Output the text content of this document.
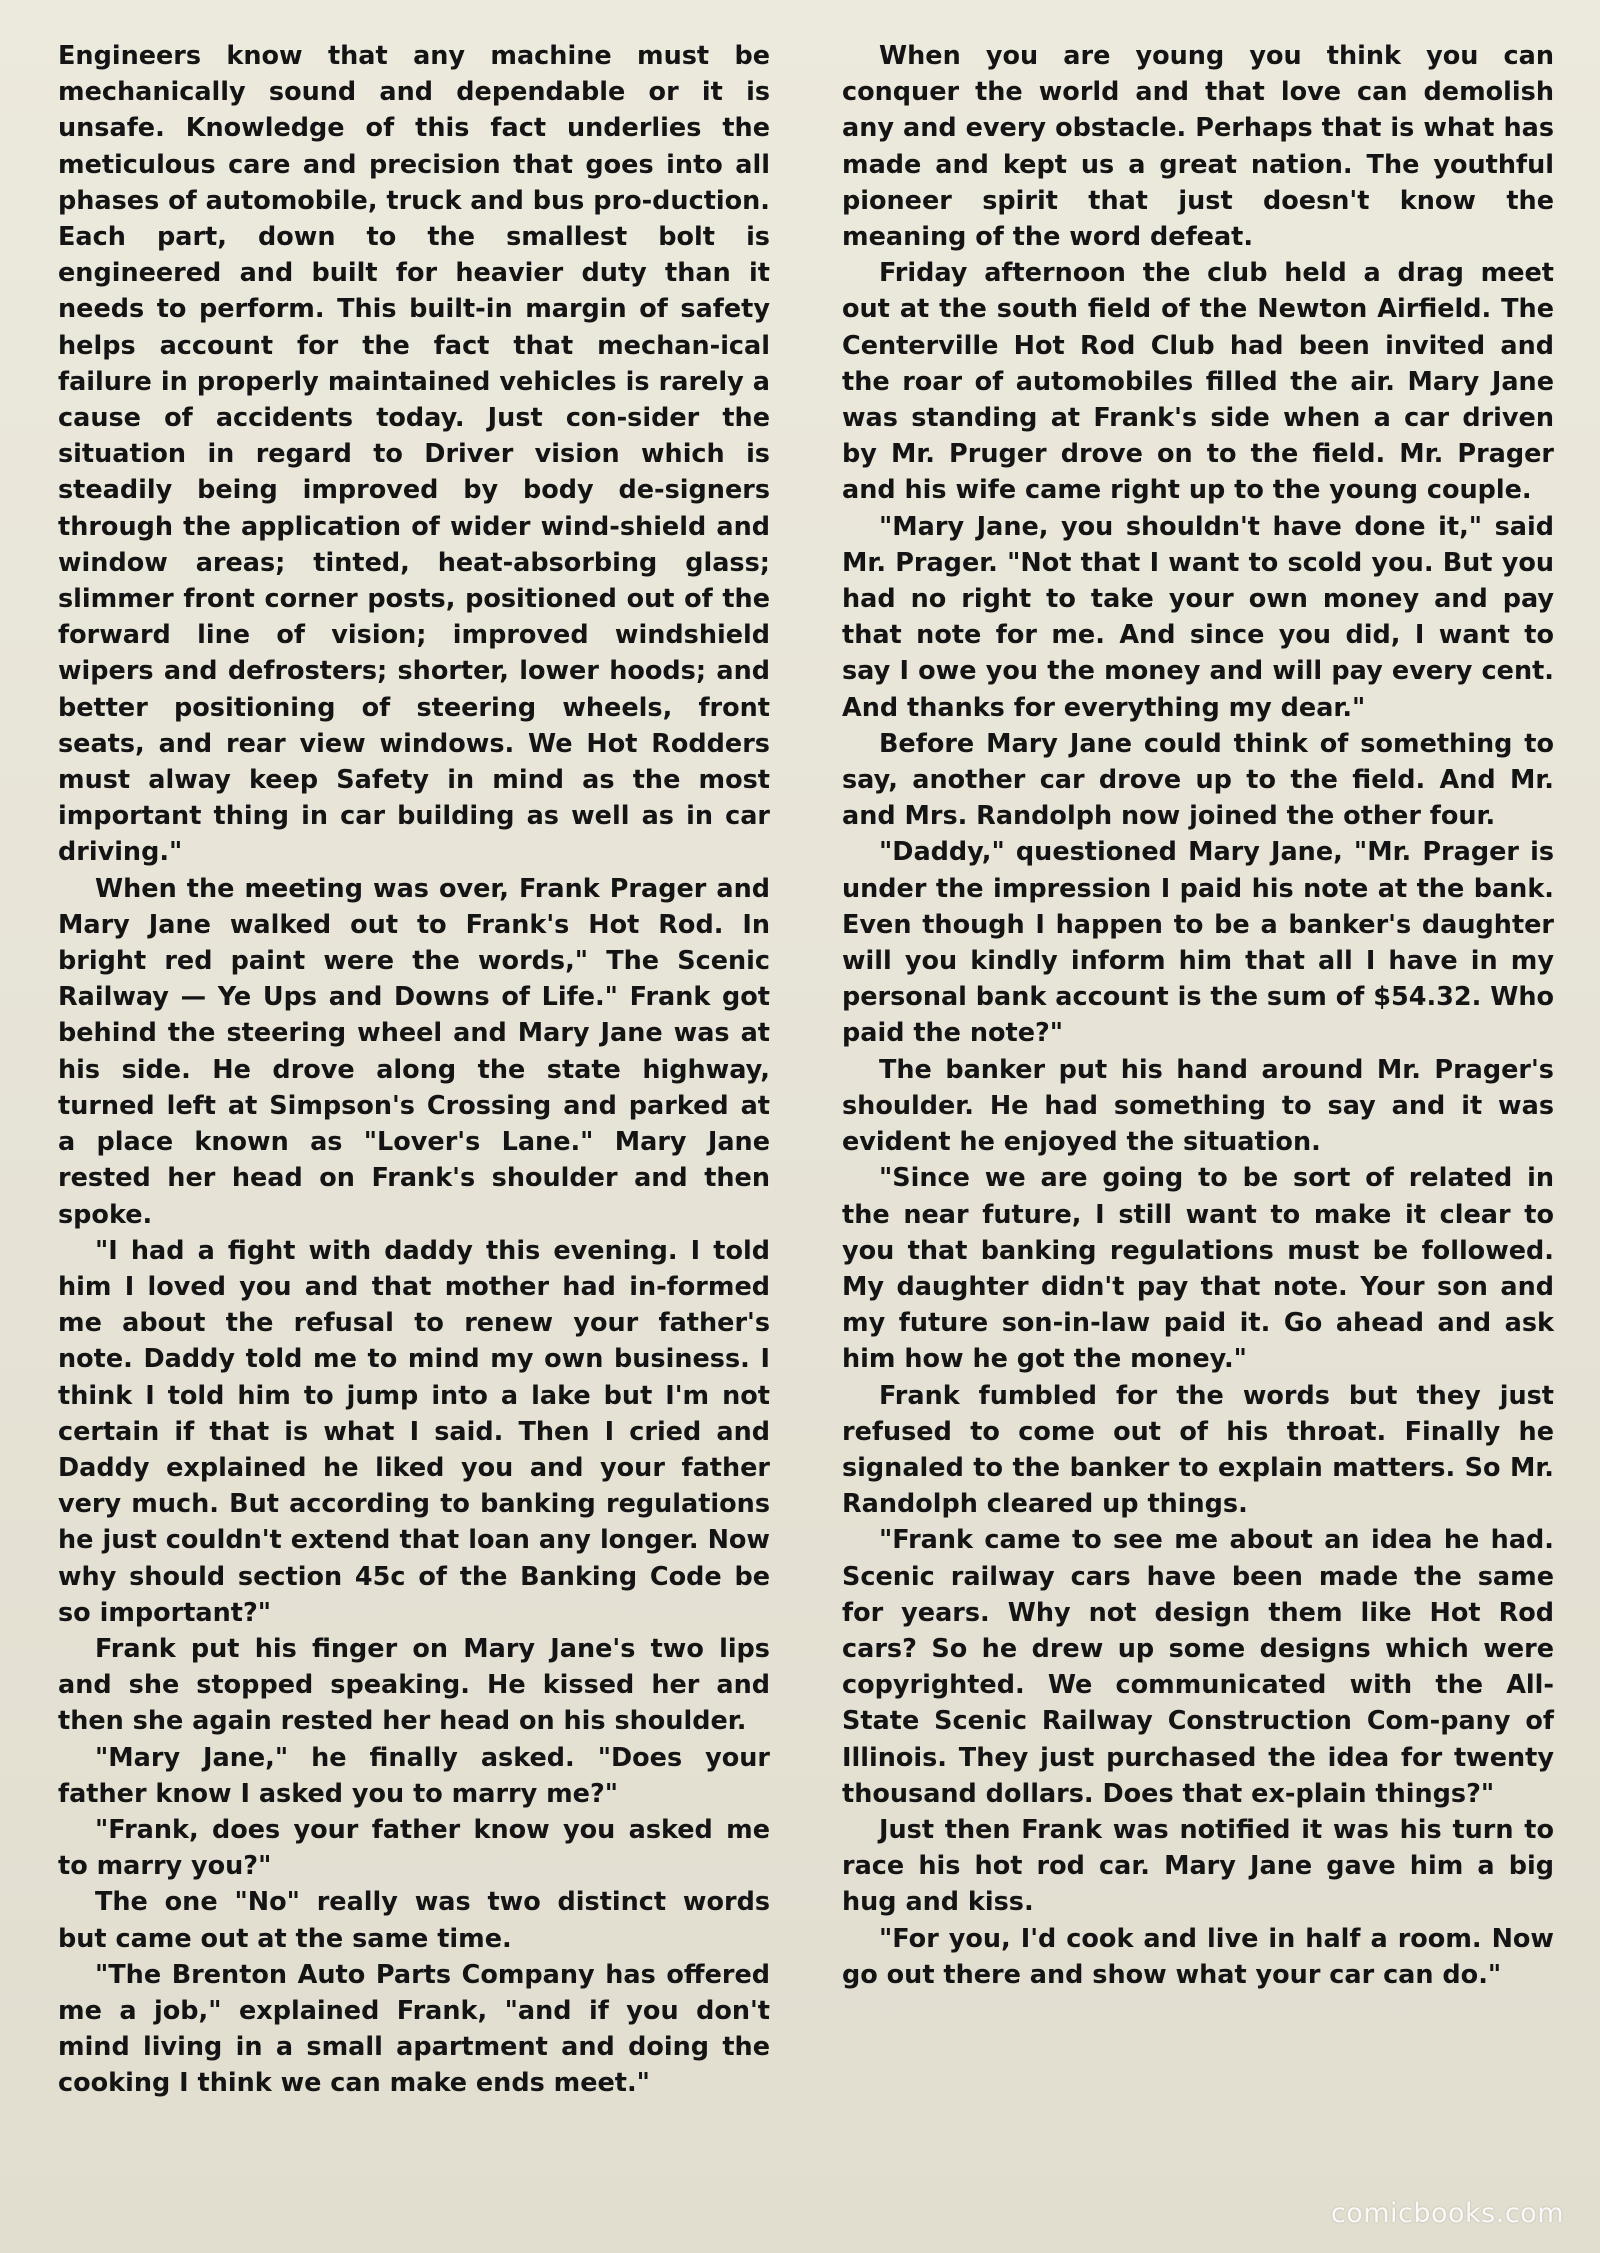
Engineers know that any machine must be mechanically sound and dependable or it is unsafe. Knowledge of this fact underlies the meticulous care and precision that goes into all phases of automobile, truck and bus pro-duction. Each part, down to the smallest bolt is engineered and built for heavier duty than it needs to perform. This built-in margin of safety helps account for the fact that mechan-ical failure in properly maintained vehicles is rarely a cause of accidents today. Just con-sider the situation in regard to Driver vision which is steadily being improved by body de-signers through the application of wider wind-shield and window areas; tinted, heat-absorbing glass; slimmer front corner posts, positioned out of the forward line of vision; improved windshield wipers and defrosters; shorter, lower hoods; and better positioning of steering wheels, front seats, and rear view windows. We Hot Rodders must alway keep Safety in mind as the most important thing in car building as well as in car driving."

When the meeting was over, Frank Prager and Mary Jane walked out to Frank's Hot Rod. In bright red paint were the words," The Scenic Railway — Ye Ups and Downs of Life." Frank got behind the steering wheel and Mary Jane was at his side. He drove along the state highway, turned left at Simpson's Crossing and parked at a place known as "Lover's Lane." Mary Jane rested her head on Frank's shoulder and then spoke.

"I had a fight with daddy this evening. I told him I loved you and that mother had in-formed me about the refusal to renew your father's note. Daddy told me to mind my own business. I think I told him to jump into a lake but I'm not certain if that is what I said. Then I cried and Daddy explained he liked you and your father very much. But according to banking regulations he just couldn't extend that loan any longer. Now why should section 45c of the Banking Code be so important?"

Frank put his finger on Mary Jane's two lips and she stopped speaking. He kissed her and then she again rested her head on his shoulder.

"Mary Jane," he finally asked. "Does your father know I asked you to marry me?"

"Frank, does your father know you asked me to marry you?"

The one "No" really was two distinct words but came out at the same time.

"The Brenton Auto Parts Company has offered me a job," explained Frank, "and if you don't mind living in a small apartment and doing the cooking I think we can make ends meet."

When you are young you think you can conquer the world and that love can demolish any and every obstacle. Perhaps that is what has made and kept us a great nation. The youthful pioneer spirit that just doesn't know the meaning of the word defeat.

Friday afternoon the club held a drag meet out at the south field of the Newton Airfield. The Centerville Hot Rod Club had been invited and the roar of automobiles filled the air. Mary Jane was standing at Frank's side when a car driven by Mr. Pruger drove on to the field. Mr. Prager and his wife came right up to the young couple.

"Mary Jane, you shouldn't have done it," said Mr. Prager. "Not that I want to scold you. But you had no right to take your own money and pay that note for me. And since you did, I want to say I owe you the money and will pay every cent. And thanks for everything my dear."

Before Mary Jane could think of something to say, another car drove up to the field. And Mr. and Mrs. Randolph now joined the other four.

"Daddy," questioned Mary Jane, "Mr. Prager is under the impression I paid his note at the bank. Even though I happen to be a banker's daughter will you kindly inform him that all I have in my personal bank account is the sum of $54.32. Who paid the note?"

The banker put his hand around Mr. Prager's shoulder. He had something to say and it was evident he enjoyed the situation.

"Since we are going to be sort of related in the near future, I still want to make it clear to you that banking regulations must be followed. My daughter didn't pay that note. Your son and my future son-in-law paid it. Go ahead and ask him how he got the money."

Frank fumbled for the words but they just refused to come out of his throat. Finally he signaled to the banker to explain matters. So Mr. Randolph cleared up things.

"Frank came to see me about an idea he had. Scenic railway cars have been made the same for years. Why not design them like Hot Rod cars? So he drew up some designs which were copyrighted. We communicated with the All-State Scenic Railway Construction Com-pany of Illinois. They just purchased the idea for twenty thousand dollars. Does that ex-plain things?"

Just then Frank was notified it was his turn to race his hot rod car. Mary Jane gave him a big hug and kiss.

"For you, I'd cook and live in half a room. Now go out there and show what your car can do."

comicbooks.com
